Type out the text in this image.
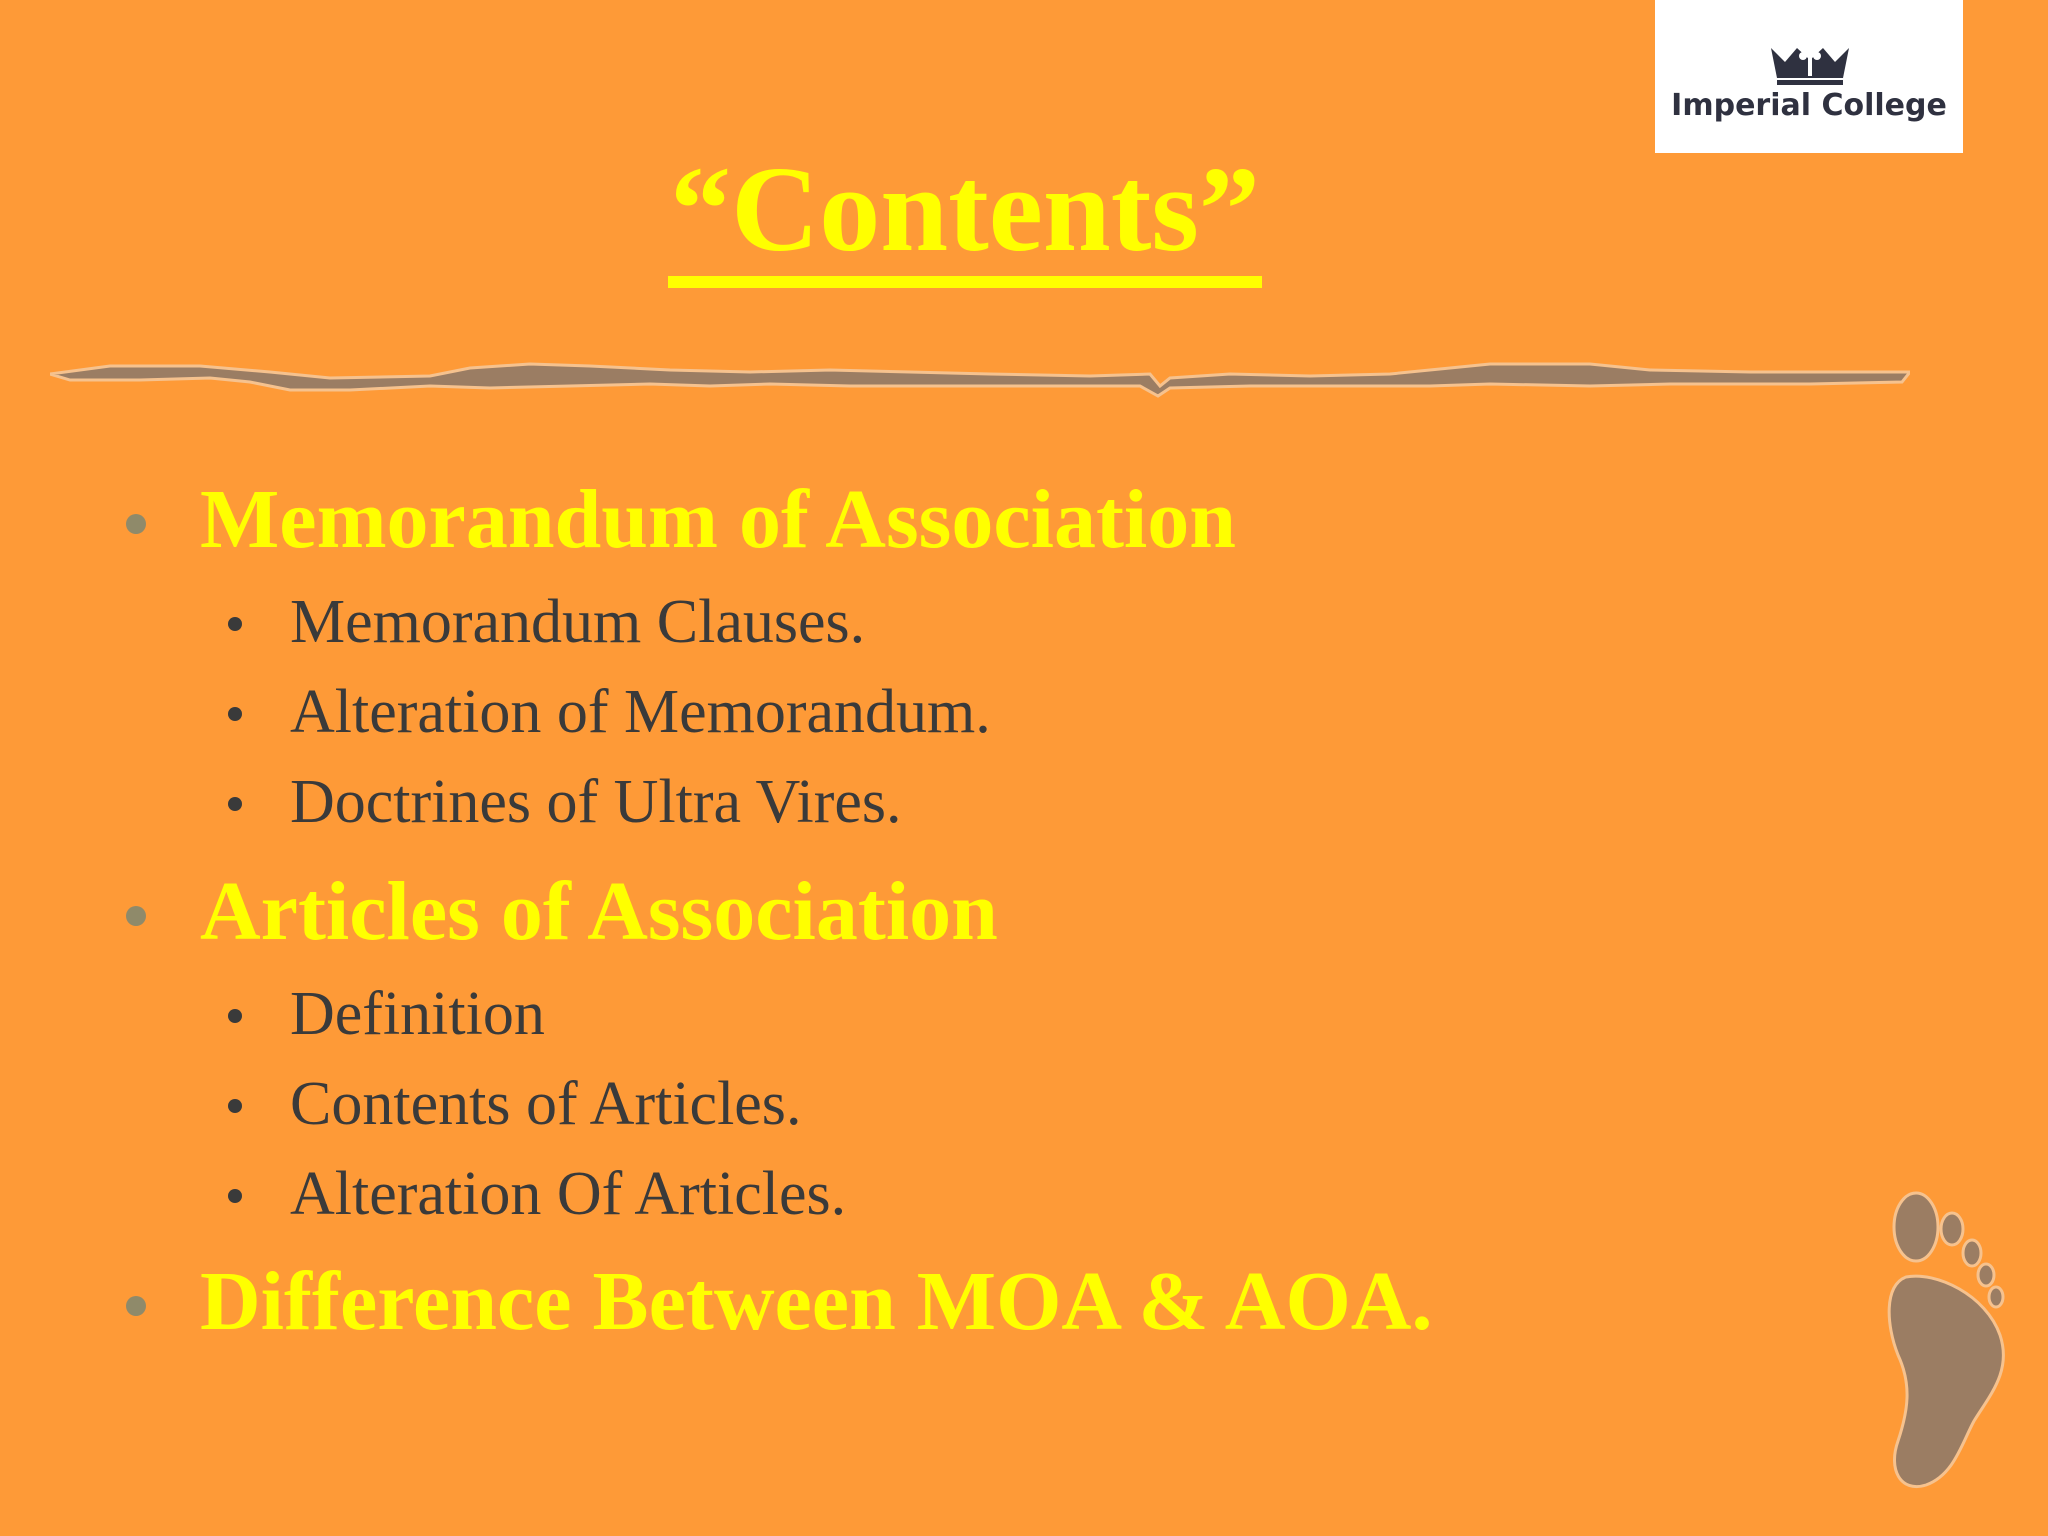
Imperial College
“Contents”
Memorandum of Association
Memorandum Clauses.
Alteration of Memorandum.
Doctrines of Ultra Vires.
Articles of Association
Definition
Contents of Articles.
Alteration Of Articles.
Difference Between MOA & AOA.
